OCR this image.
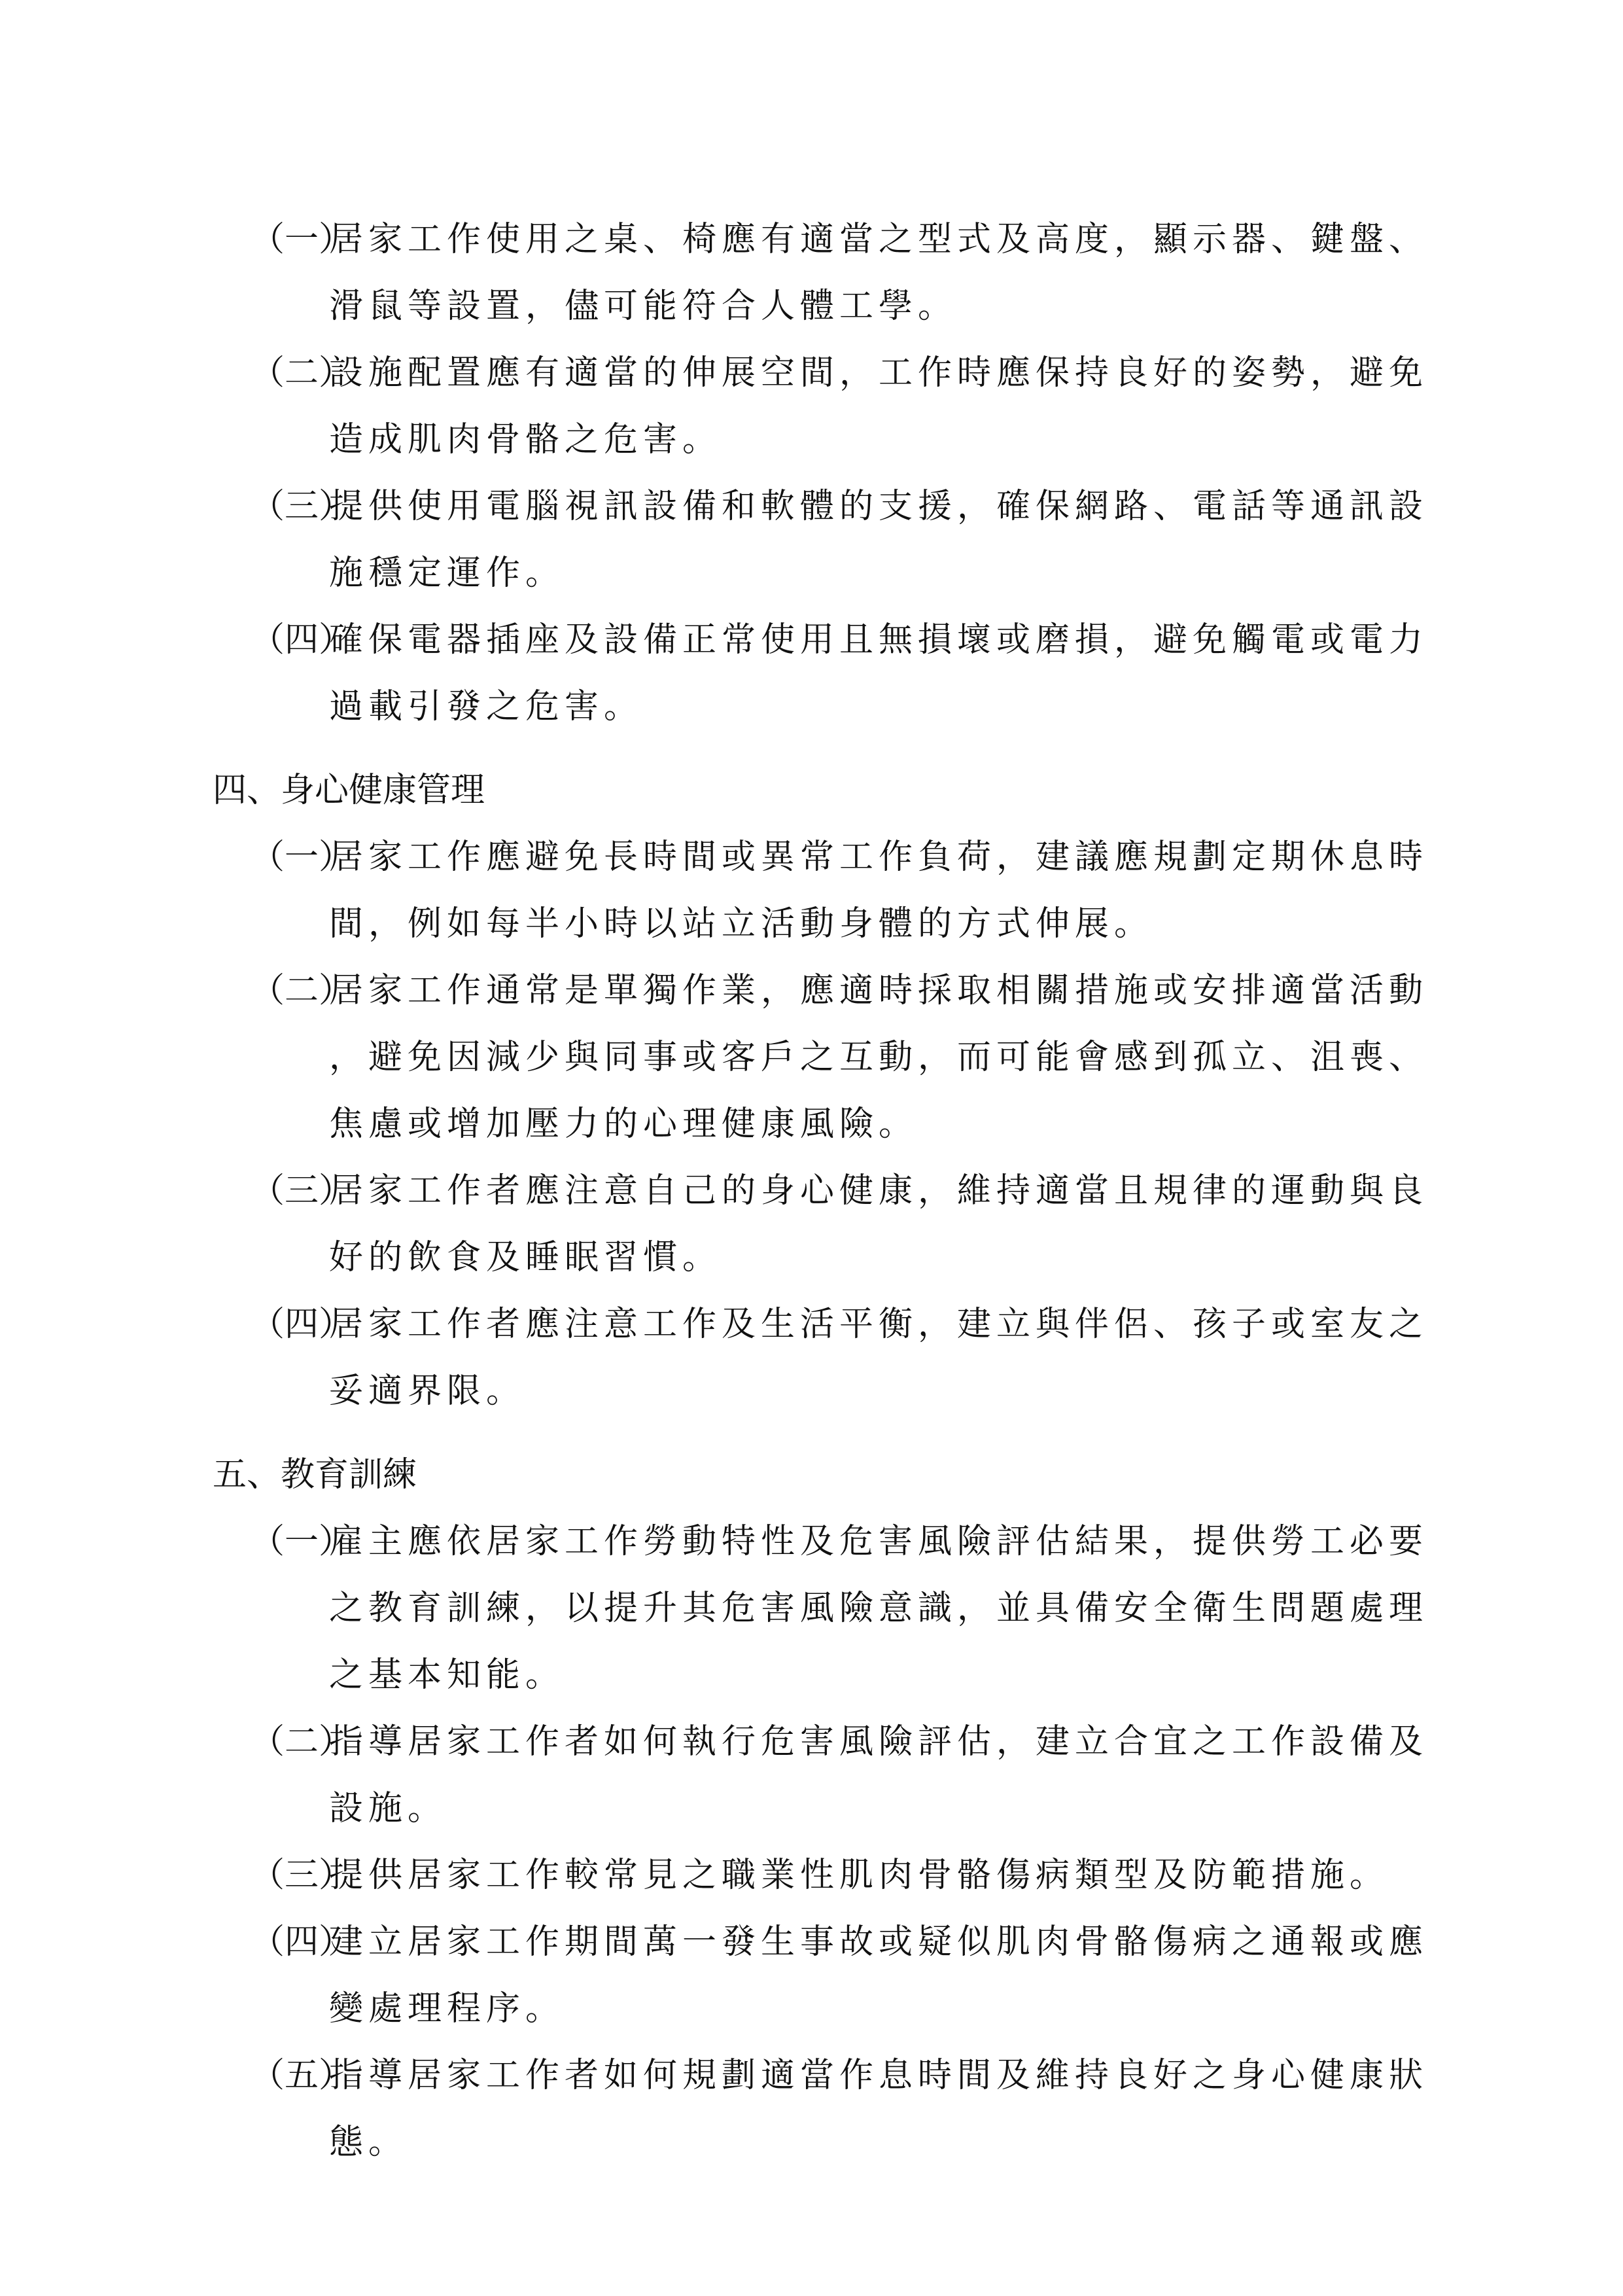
（一）
居家工作使用之桌、椅應有適當之型式及高度，顯示器、鍵盤、滑鼠等設置，儘可能符合人體工學。
（二）
設施配置應有適當的伸展空間，工作時應保持良好的姿勢，避免造成肌肉骨骼之危害。
（三）
提供使用電腦視訊設備和軟體的支援，確保網路、電話等通訊設施穩定運作。
（四）
確保電器插座及設備正常使用且無損壞或磨損，避免觸電或電力過載引發之危害。
四、身心健康管理
（一）
居家工作應避免長時間或異常工作負荷，建議應規劃定期休息時間，例如每半小時以站立活動身體的方式伸展。
（二）
居家工作通常是單獨作業，應適時採取相關措施或安排適當活動，避免因減少與同事或客戶之互動，而可能會感到孤立、沮喪、焦慮或增加壓力的心理健康風險。
（三）
居家工作者應注意自己的身心健康，維持適當且規律的運動與良好的飲食及睡眠習慣。
（四）
居家工作者應注意工作及生活平衡，建立與伴侶、孩子或室友之妥適界限。
五、教育訓練
（一）
雇主應依居家工作勞動特性及危害風險評估結果，提供勞工必要之教育訓練，以提升其危害風險意識，並具備安全衛生問題處理之基本知能。
（二）
指導居家工作者如何執行危害風險評估，建立合宜之工作設備及設施。
（三）
提供居家工作較常見之職業性肌肉骨骼傷病類型及防範措施。
（四）
建立居家工作期間萬一發生事故或疑似肌肉骨骼傷病之通報或應變處理程序。
（五）
指導居家工作者如何規劃適當作息時間及維持良好之身心健康狀態。
